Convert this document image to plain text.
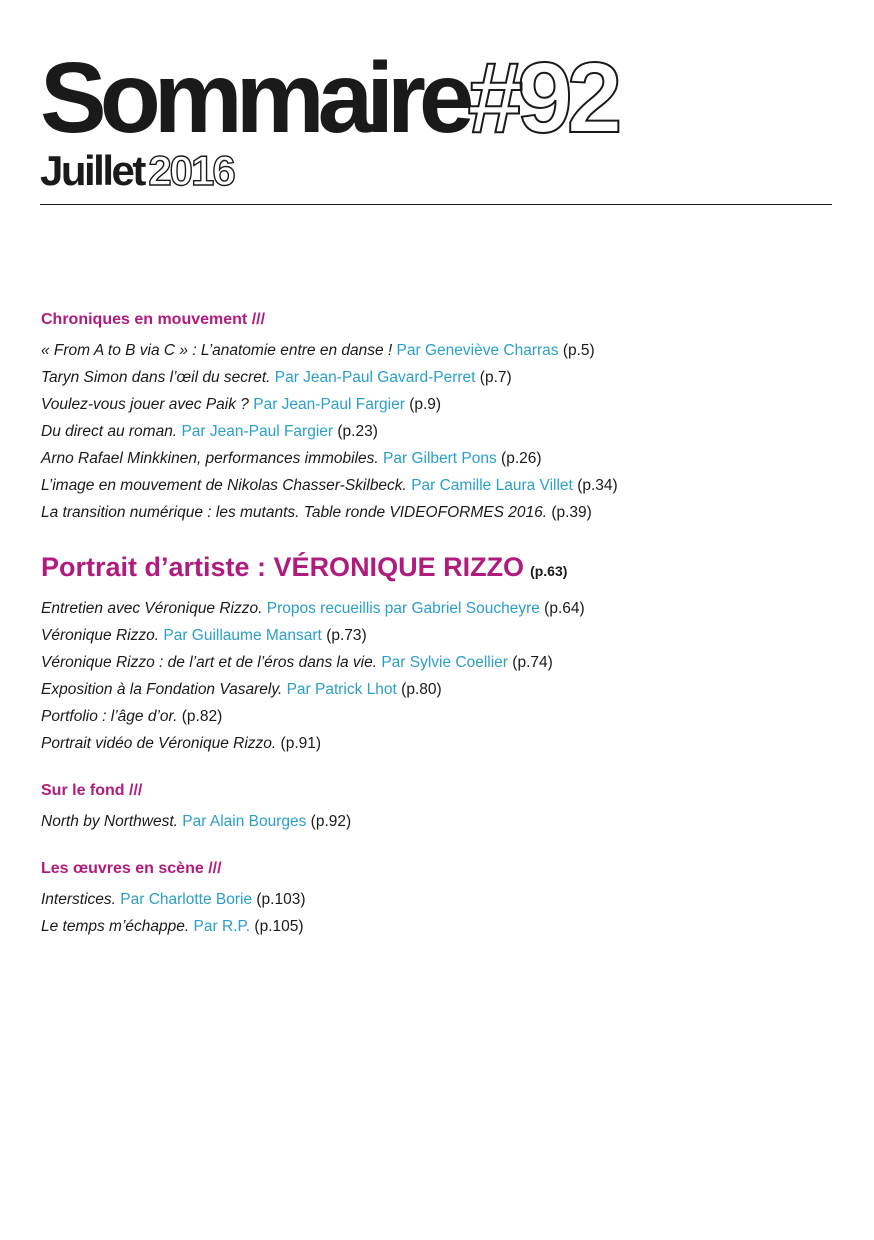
Sommaire#92
Juillet 2016
Chroniques en mouvement ///
« From A to B via C » : L’anatomie entre en danse ! Par Geneviève Charras (p.5)
Taryn Simon dans l’œil du secret. Par Jean-Paul Gavard-Perret (p.7)
Voulez-vous jouer avec Paik ? Par Jean-Paul Fargier (p.9)
Du direct au roman. Par Jean-Paul Fargier (p.23)
Arno Rafael Minkkinen, performances immobiles. Par Gilbert Pons (p.26)
L’image en mouvement de Nikolas Chasser-Skilbeck. Par Camille Laura Villet (p.34)
La transition numérique : les mutants. Table ronde VIDEOFORMES 2016. (p.39)
Portrait d’artiste : VÉRONIQUE RIZZO (p.63)
Entretien avec Véronique Rizzo. Propos recueillis par Gabriel Soucheyre (p.64)
Véronique Rizzo. Par Guillaume Mansart (p.73)
Véronique Rizzo : de l’art et de l’éros dans la vie. Par Sylvie Coellier (p.74)
Exposition à la Fondation Vasarely. Par Patrick Lhot (p.80)
Portfolio : l’âge d’or. (p.82)
Portrait vidéo de Véronique Rizzo. (p.91)
Sur le fond ///
North by Northwest. Par Alain Bourges (p.92)
Les œuvres en scène ///
Interstices. Par Charlotte Borie (p.103)
Le temps m’échappe. Par R.P. (p.105)
